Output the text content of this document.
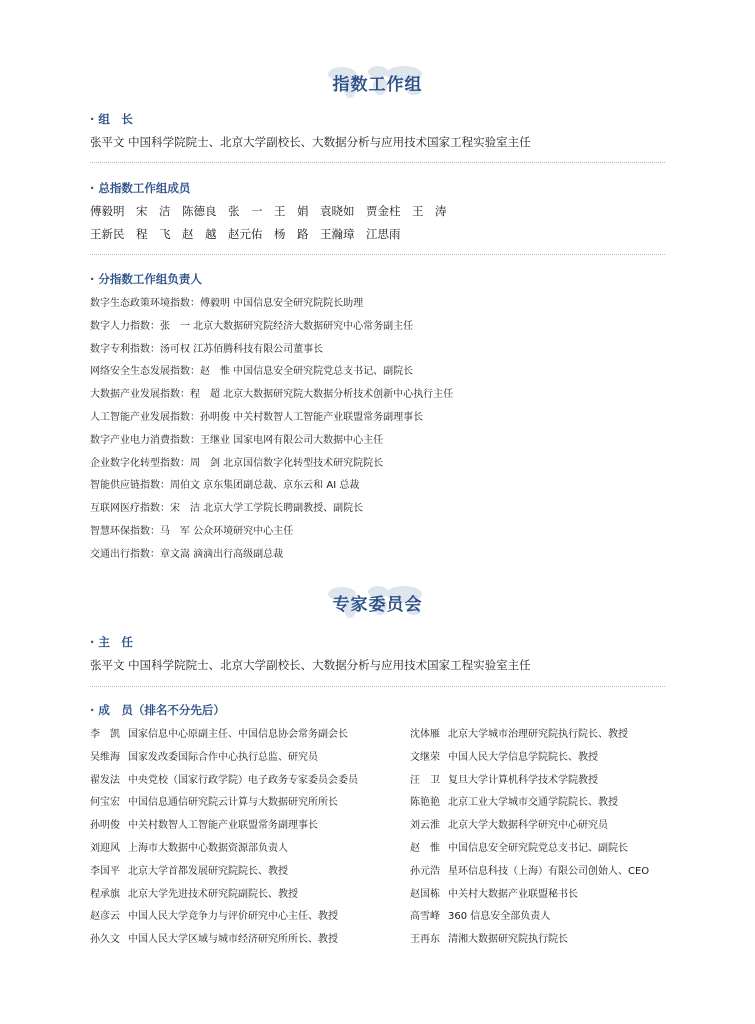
指数工作组
· 组　长
张平文 中国科学院院士、北京大学副校长、大数据分析与应用技术国家工程实验室主任
· 总指数工作组成员
傅毅明　宋　洁　陈德良　张　一　王　娟　袁晓如　贾金柱　王　涛
王新民　程　飞　赵　越　赵元佑　杨　路　王瀚璋　江思雨
· 分指数工作组负责人
数字生态政策环境指数：傅毅明 中国信息安全研究院院长助理
数字人力指数：张　一 北京大数据研究院经济大数据研究中心常务副主任
数字专利指数：汤可权 江苏佰腾科技有限公司董事长
网络安全生态发展指数：赵　惟 中国信息安全研究院党总支书记、副院长
大数据产业发展指数：程　超 北京大数据研究院大数据分析技术创新中心执行主任
人工智能产业发展指数：孙明俊 中关村数智人工智能产业联盟常务副理事长
数字产业电力消费指数：王继业 国家电网有限公司大数据中心主任
企业数字化转型指数：周　剑 北京国信数字化转型技术研究院院长
智能供应链指数：周伯文 京东集团副总裁、京东云和 AI 总裁
互联网医疗指数：宋　洁 北京大学工学院长聘副教授、副院长
智慧环保指数：马　军 公众环境研究中心主任
交通出行指数：章文嵩 滴滴出行高级副总裁
专家委员会
· 主　任
张平文 中国科学院院士、北京大学副校长、大数据分析与应用技术国家工程实验室主任
· 成　员（排名不分先后）
李　凯 国家信息中心原副主任、中国信息协会常务副会长
吴维海 国家发改委国际合作中心执行总监、研究员
翟发法 中央党校（国家行政学院）电子政务专家委员会委员
何宝宏 中国信息通信研究院云计算与大数据研究所所长
孙明俊 中关村数智人工智能产业联盟常务副理事长
刘迎风 上海市大数据中心数据资源部负责人
李国平 北京大学首都发展研究院院长、教授
程承旗 北京大学先进技术研究院副院长、教授
赵彦云 中国人民大学竞争力与评价研究中心主任、教授
孙久文 中国人民大学区域与城市经济研究所所长、教授
沈体雁 北京大学城市治理研究院执行院长、教授
文继荣 中国人民大学信息学院院长、教授
汪　卫 复旦大学计算机科学技术学院教授
陈艳艳 北京工业大学城市交通学院院长、教授
刘云淮 北京大学大数据科学研究中心研究员
赵　惟 中国信息安全研究院党总支书记、副院长
孙元浩 星环信息科技（上海）有限公司创始人、CEO
赵国栋 中关村大数据产业联盟秘书长
高雪峰 360 信息安全部负责人
王再东 清湘大数据研究院执行院长
